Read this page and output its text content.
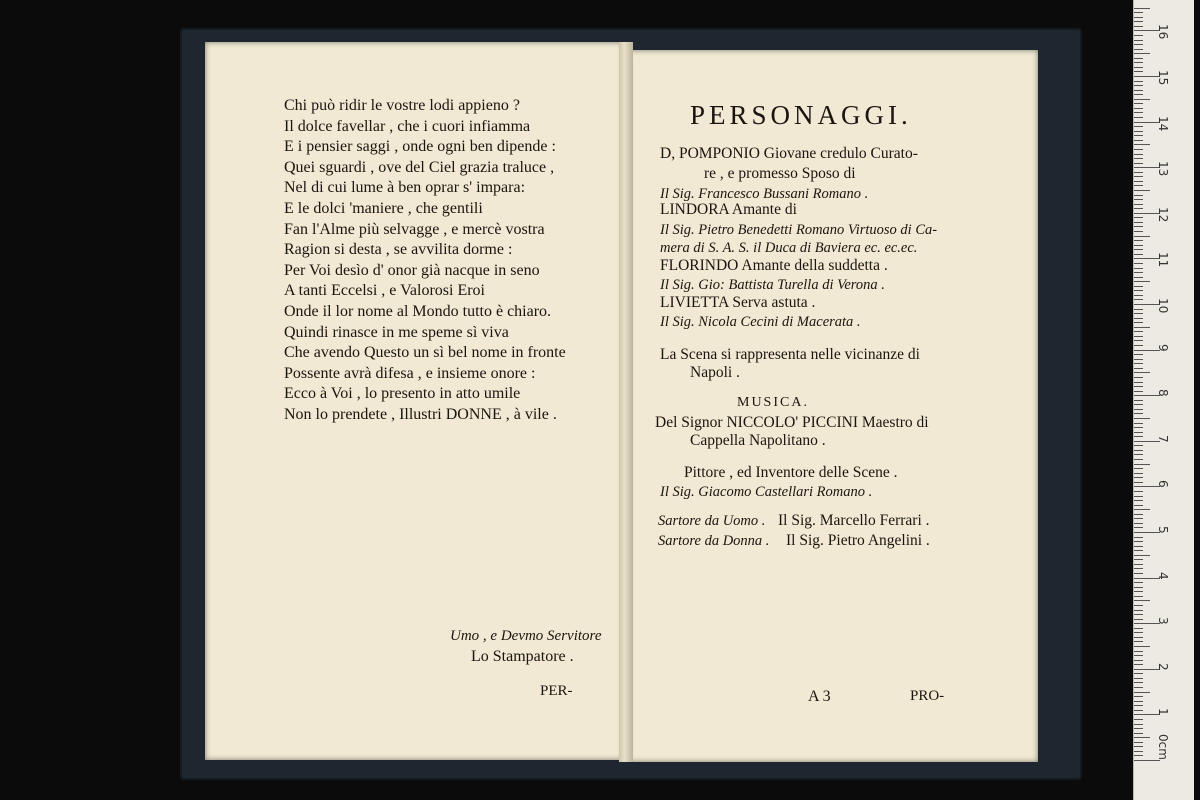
Chi può ridir le vostre lodi appieno ?
Il dolce favellar , che i cuori infiamma
E i pensier saggi , onde ogni ben dipende :
Quei sguardi , ove del Ciel grazia traluce ,
Nel di cui lume à ben oprar s' impara:
E le dolci 'maniere , che gentili
Fan l'Alme più selvagge , e mercè vostra
Ragion si desta , se avvilita dorme :
Per Voi desìo d' onor già nacque in seno
A tanti Eccelsi , e Valorosi Eroi
Onde il lor nome al Mondo tutto è chiaro.
Quindi rinasce in me speme sì viva
Che avendo Questo un sì bel nome in fronte
Possente avrà difesa , e insieme onore :
Ecco à Voi , lo presento in atto umile
Non lo prendete , Illustri DONNE , à vile .
Umo , e Devmo Servitore
Lo Stampatore .
PER-
PERSONAGGI.
D, POMPONIO Giovane credulo Curato-
re , e promesso Sposo di
Il Sig. Francesco Bussani Romano .
LINDORA Amante di
Il Sig. Pietro Benedetti Romano Virtuoso di Ca-
mera di S. A. S. il Duca di Baviera ec. ec.ec.
FLORINDO Amante della suddetta .
Il Sig. Gio: Battista Turella di Verona .
LIVIETTA Serva astuta .
Il Sig. Nicola Cecini di Macerata .
La Scena si rappresenta nelle vicinanze di
Napoli .
MUSICA.
Del Signor NICCOLO' PICCINI Maestro di
Cappella Napolitano .
Pittore , ed Inventore delle Scene .
Il Sig. Giacomo Castellari Romano .
Sartore da Uomo . Il Sig. Marcello Ferrari .
Sartore da Donna . Il Sig. Pietro Angelini .
A 3	PRO-
0cm
1
2
3
4
5
6
7
8
9
10
11
12
13
14
15
16
